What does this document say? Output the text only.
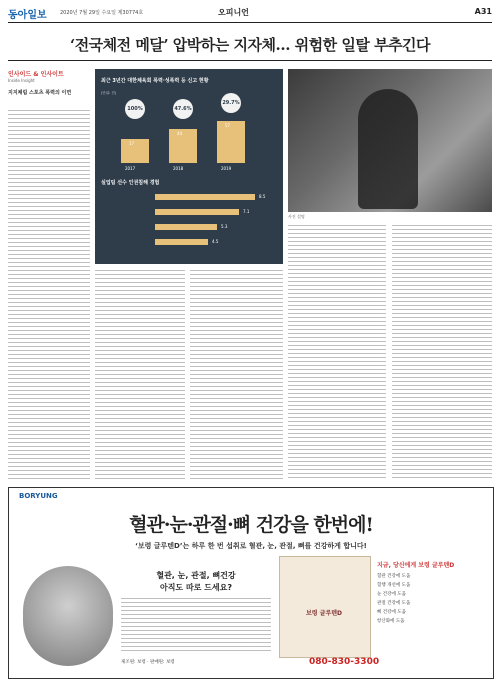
동아일보	2020년 7월 29일 수요일 제30774호	오피니언	A31
‘전국체전 메달’ 압박하는 지자체… 위험한 일탈 부추긴다
인사이드 & 인사이트
Inside Insight
지지체림 스포츠 폭력의 이면
최근 3년간 대한체육회 폭력·성폭력 등 신고 현황
(단위: 건)
100%	47.6%
29.7%
17
44
57
2017	2018	2019
실업팀 선수 인권침해 경험
8.5
7.1
5.3
4.5
사진 설명
BORYUNG
혈관·눈·관절·뼈 건강을 한번에!
‘보령 글루텐D’는 하루 한 번 섭취로 혈관, 눈, 관절, 뼈를 건강하게 합니다!
혈관, 눈, 관절, 뼈건강
아직도 따로 드세요?
보령 글루텐D
지금, 당신에게 보령 글루텐D
혈관 건강에 도움
혈행 개선에 도움
눈 건강에 도움
관절 건강에 도움
뼈 건강에 도움
항산화에 도움
제조원: 보령 · 판매원: 보령	080-830-3300
